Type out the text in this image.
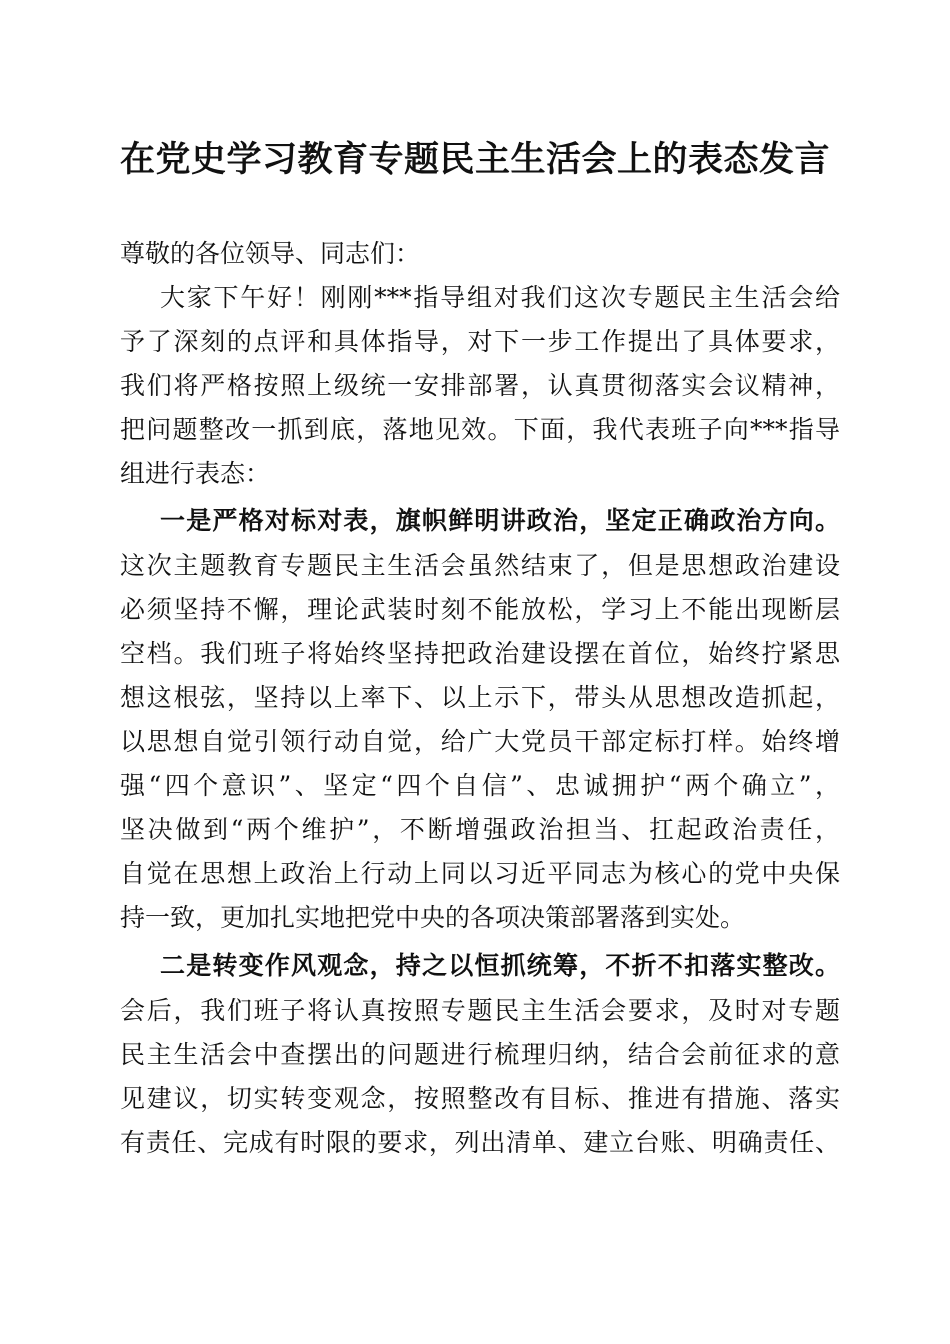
在党史学习教育专题民主生活会上的表态发言

尊敬的各位领导、同志们：

大家下午好！刚刚***指导组对我们这次专题民主生活会给

予了深刻的点评和具体指导，对下一步工作提出了具体要求，

我们将严格按照上级统一安排部署，认真贯彻落实会议精神，

把问题整改一抓到底，落地见效。下面，我代表班子向***指导

组进行表态：

一是严格对标对表，旗帜鲜明讲政治，坚定正确政治方向。

这次主题教育专题民主生活会虽然结束了，但是思想政治建设

必须坚持不懈，理论武装时刻不能放松，学习上不能出现断层

空档。我们班子将始终坚持把政治建设摆在首位，始终拧紧思

想这根弦，坚持以上率下、以上示下，带头从思想改造抓起，

以思想自觉引领行动自觉，给广大党员干部定标打样。始终增

强“四个意识”、坚定“四个自信”、忠诚拥护“两个确立”，

坚决做到“两个维护”，不断增强政治担当、扛起政治责任，

自觉在思想上政治上行动上同以习近平同志为核心的党中央保

持一致，更加扎实地把党中央的各项决策部署落到实处。

二是转变作风观念，持之以恒抓统筹，不折不扣落实整改。

会后，我们班子将认真按照专题民主生活会要求，及时对专题

民主生活会中查摆出的问题进行梳理归纳，结合会前征求的意

见建议，切实转变观念，按照整改有目标、推进有措施、落实

有责任、完成有时限的要求，列出清单、建立台账、明确责任、
